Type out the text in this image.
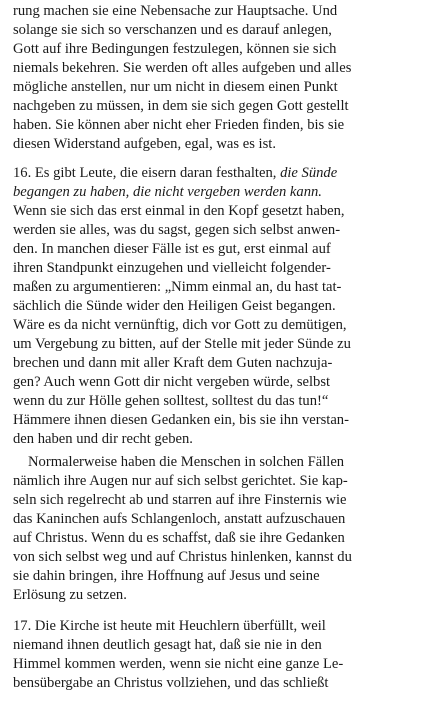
rung machen sie eine Nebensache zur Hauptsache. Und
solange sie sich so verschanzen und es darauf anlegen,
Gott auf ihre Bedingungen festzulegen, können sie sich
niemals bekehren. Sie werden oft alles aufgeben und alles
mögliche anstellen, nur um nicht in diesem einen Punkt
nachgeben zu müssen, in dem sie sich gegen Gott gestellt
haben. Sie können aber nicht eher Frieden finden, bis sie
diesen Widerstand aufgeben, egal, was es ist.
16. Es gibt Leute, die eisern daran festhalten, die Sünde
begangen zu haben, die nicht vergeben werden kann.
Wenn sie sich das erst einmal in den Kopf gesetzt haben,
werden sie alles, was du sagst, gegen sich selbst anwen-
den. In manchen dieser Fälle ist es gut, erst einmal auf
ihren Standpunkt einzugehen und vielleicht folgender-
maßen zu argumentieren: „Nimm einmal an, du hast tat-
sächlich die Sünde wider den Heiligen Geist begangen.
Wäre es da nicht vernünftig, dich vor Gott zu demütigen,
um Vergebung zu bitten, auf der Stelle mit jeder Sünde zu
brechen und dann mit aller Kraft dem Guten nachzuja-
gen? Auch wenn Gott dir nicht vergeben würde, selbst
wenn du zur Hölle gehen solltest, solltest du das tun!“
Hämmere ihnen diesen Gedanken ein, bis sie ihn verstan-
den haben und dir recht geben.
Normalerweise haben die Menschen in solchen Fällen
nämlich ihre Augen nur auf sich selbst gerichtet. Sie kap-
seln sich regelrecht ab und starren auf ihre Finsternis wie
das Kaninchen aufs Schlangenloch, anstatt aufzuschauen
auf Christus. Wenn du es schaffst, daß sie ihre Gedanken
von sich selbst weg und auf Christus hinlenken, kannst du
sie dahin bringen, ihre Hoffnung auf Jesus und seine
Erlösung zu setzen.
17. Die Kirche ist heute mit Heuchlern überfüllt, weil
niemand ihnen deutlich gesagt hat, daß sie nie in den
Himmel kommen werden, wenn sie nicht eine ganze Le-
bensübergabe an Christus vollziehen, und das schließt
